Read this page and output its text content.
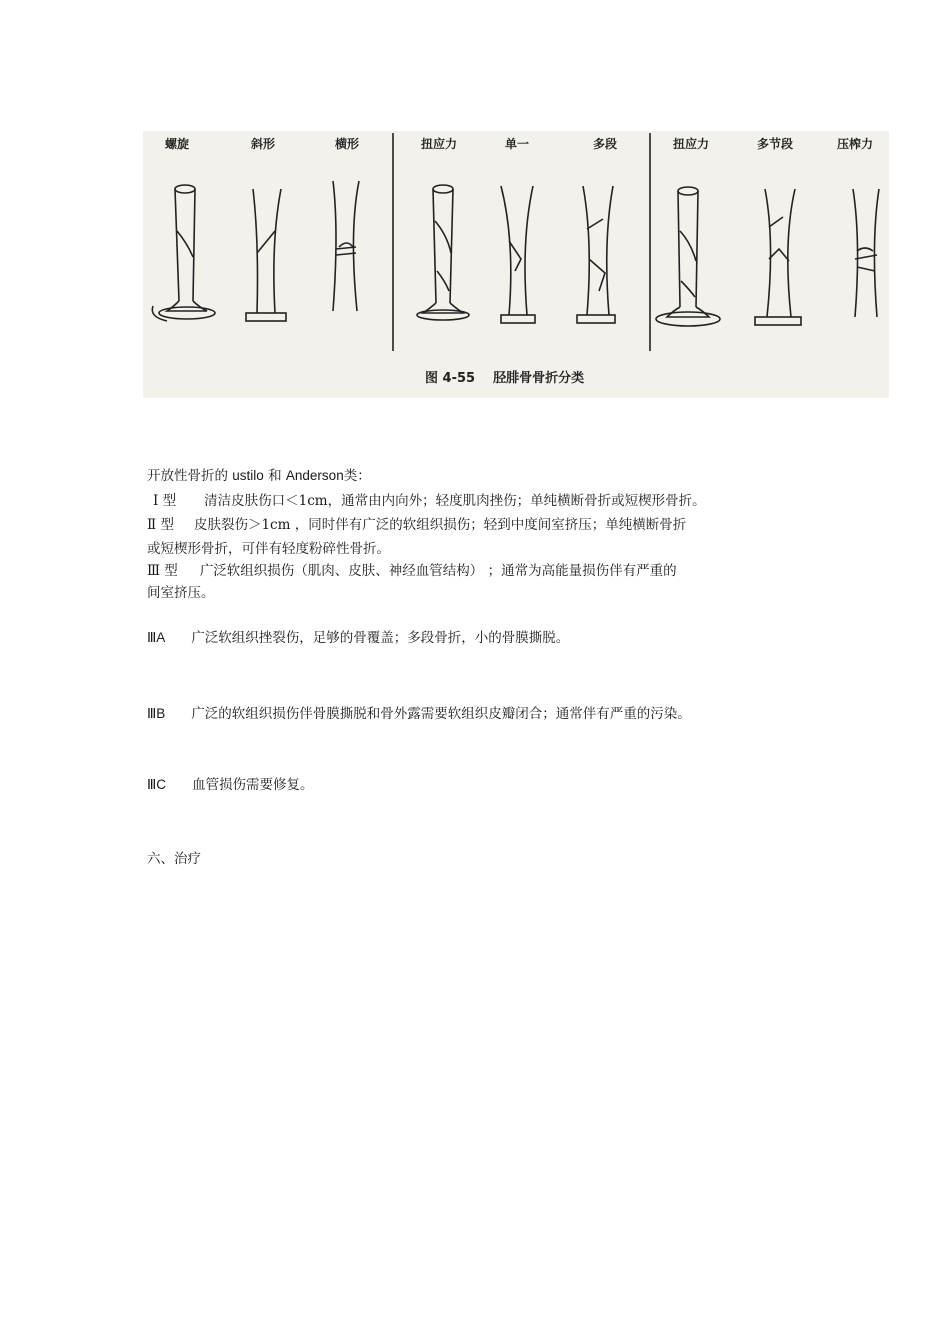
螺旋	斜形	横形	扭应力	单一	多段	扭应力	多节段	压榨力
图 4-55 胫腓骨骨折分类
开放性骨折的 ustilo 和 Anderson类：
Ⅰ 型 清洁皮肤伤口＜1cm，通常由内向外；轻度肌肉挫伤；单纯横断骨折或短楔形骨折。
Ⅱ 型 皮肤裂伤＞1cm ，同时伴有广泛的软组织损伤；轻到中度间室挤压；单纯横断骨折
或短楔形骨折，可伴有轻度粉碎性骨折。
Ⅲ 型 广泛软组织损伤（肌肉、皮肤、神经血管结构） ；通常为高能量损伤伴有严重的
间室挤压。
ⅢA 广泛软组织挫裂伤，足够的骨覆盖；多段骨折，小的骨膜撕脱。
ⅢB 广泛的软组织损伤伴骨膜撕脱和骨外露需要软组织皮瓣闭合；通常伴有严重的污染。
ⅢC 血管损伤需要修复。
六、治疗
